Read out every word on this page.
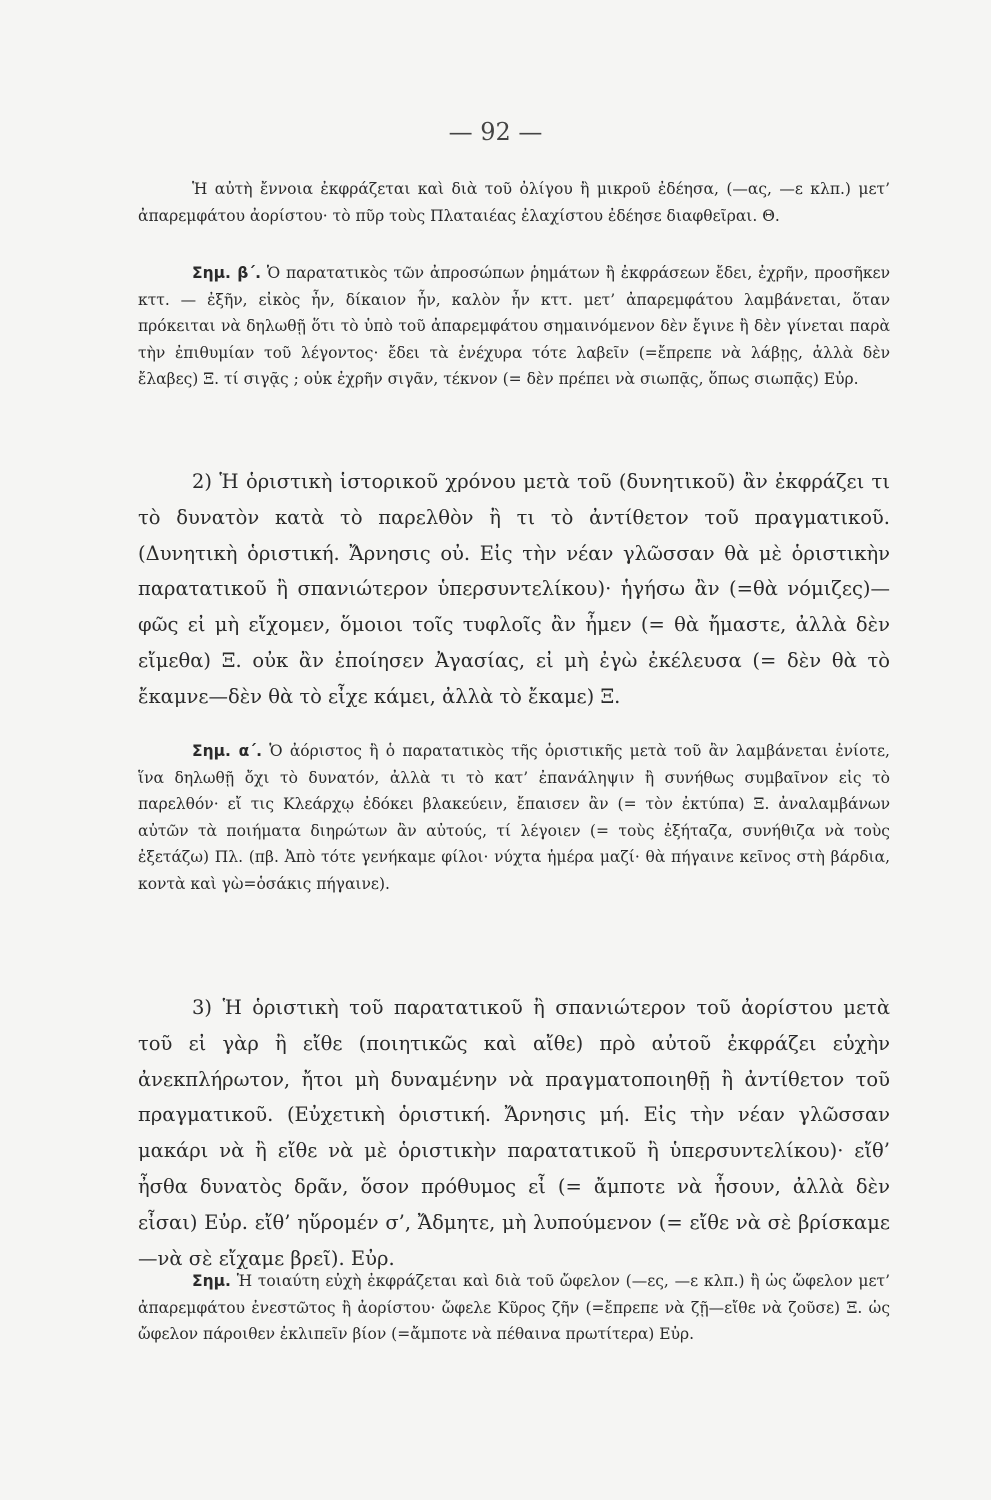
— 92 —

Ἡ αὐτὴ ἔννοια ἐκφράζεται καὶ διὰ τοῦ ὀλίγου ἢ μικροῦ ἐδέησα, (—ας, —ε κλπ.) μετ’ ἀπαρεμφάτου ἀορίστου· τὸ πῦρ τοὺς Πλαταιέας ἐλαχίστου ἐδέησε διαφθεῖραι. Θ.

Σημ. β΄. Ὁ παρατατικὸς τῶν ἀπροσώπων ῥημάτων ἢ ἐκφράσεων ἔδει, ἐχρῆν, προσῆκεν κττ. — ἐξῆν, εἰκὸς ἦν, δίκαιον ἦν, καλὸν ἦν κττ. μετ’ ἀπαρεμφάτου λαμβάνεται, ὅταν πρόκειται νὰ δηλωθῇ ὅτι τὸ ὑπὸ τοῦ ἀπαρεμφάτου σημαινόμενον δὲν ἔγινε ἢ δὲν γίνεται παρὰ τὴν ἐπιθυμίαν τοῦ λέγοντος· ἔδει τὰ ἐνέχυρα τότε λαβεῖν (=ἔπρεπε νὰ λάβῃς, ἀλλὰ δὲν ἔλαβες) Ξ. τί σιγᾷς ; οὐκ ἐχρῆν σιγᾶν, τέκνον (= δὲν πρέπει νὰ σιωπᾷς, ὅπως σιωπᾷς) Εὐρ.

2) Ἡ ὁριστικὴ ἱστορικοῦ χρόνου μετὰ τοῦ (δυνητικοῦ) ἂν ἐκφράζει τι τὸ δυνατὸν κατὰ τὸ παρελθὸν ἢ τι τὸ ἀντίθετον τοῦ πραγματικοῦ. (Δυνητικὴ ὁριστική. Ἄρνησις οὐ. Εἰς τὴν νέαν γλῶσσαν θὰ μὲ ὁριστικὴν παρατατικοῦ ἢ σπανιώτερον ὑπερσυντελίκου)· ἡγήσω ἂν (=θὰ νόμιζες)—φῶς εἰ μὴ εἴχομεν, ὅμοιοι τοῖς τυφλοῖς ἂν ἦμεν (= θὰ ἤμαστε, ἀλλὰ δὲν εἴμεθα) Ξ. οὐκ ἂν ἐποίησεν Ἀγασίας, εἰ μὴ ἐγὼ ἐκέλευσα (= δὲν θὰ τὸ ἔκαμνε—δὲν θὰ τὸ εἶχε κάμει, ἀλλὰ τὸ ἔκαμε) Ξ.

Σημ. α΄. Ὁ ἀόριστος ἢ ὁ παρατατικὸς τῆς ὁριστικῆς μετὰ τοῦ ἂν λαμβάνεται ἐνίοτε, ἵνα δηλωθῇ ὄχι τὸ δυνατόν, ἀλλὰ τι τὸ κατ’ ἐπανάληψιν ἢ συνήθως συμβαῖνον εἰς τὸ παρελθόν· εἴ τις Κλεάρχῳ ἐδόκει βλακεύειν, ἔπαισεν ἂν (= τὸν ἐκτύπα) Ξ. ἀναλαμβάνων αὐτῶν τὰ ποιήματα διηρώτων ἂν αὐτούς, τί λέγοιεν (= τοὺς ἐξήταζα, συνήθιζα νὰ τοὺς ἐξετάζω) Πλ. (πβ. Ἀπὸ τότε γενήκαμε φίλοι· νύχτα ἡμέρα μαζί· θὰ πήγαινε κεῖνος στὴ βάρδια, κοντὰ καὶ γὼ=ὁσάκις πήγαινε).

3) Ἡ ὁριστικὴ τοῦ παρατατικοῦ ἢ σπανιώτερον τοῦ ἀορίστου μετὰ τοῦ εἰ γὰρ ἢ εἴθε (ποιητικῶς καὶ αἴθε) πρὸ αὐτοῦ ἐκφράζει εὐχὴν ἀνεκπλήρωτον, ἤτοι μὴ δυναμένην νὰ πραγματοποιηθῇ ἢ ἀντίθετον τοῦ πραγματικοῦ. (Εὐχετικὴ ὁριστική. Ἄρνησις μή. Εἰς τὴν νέαν γλῶσσαν μακάρι νὰ ἢ εἴθε νὰ μὲ ὁριστικὴν παρατατικοῦ ἢ ὑπερσυντελίκου)· εἴθ’ ἦσθα δυνατὸς δρᾶν, ὅσον πρόθυμος εἶ (= ἄμποτε νὰ ἦσουν, ἀλλὰ δὲν εἶσαι) Εὐρ. εἴθ’ ηὕρομέν σ’, Ἄδμητε, μὴ λυπούμενον (= εἴθε νὰ σὲ βρίσκαμε—νὰ σὲ εἴχαμε βρεῖ). Εὐρ.

Σημ. Ἡ τοιαύτη εὐχὴ ἐκφράζεται καὶ διὰ τοῦ ὤφελον (—ες, —ε κλπ.) ἢ ὡς ὤφελον μετ’ ἀπαρεμφάτου ἐνεστῶτος ἢ ἀορίστου· ὤφελε Κῦρος ζῆν (=ἔπρεπε νὰ ζῇ—εἴθε νὰ ζοῦσε) Ξ. ὡς ὤφελον πάροιθεν ἐκλιπεῖν βίον (=ἄμποτε νὰ πέθαινα πρωτίτερα) Εὐρ.
